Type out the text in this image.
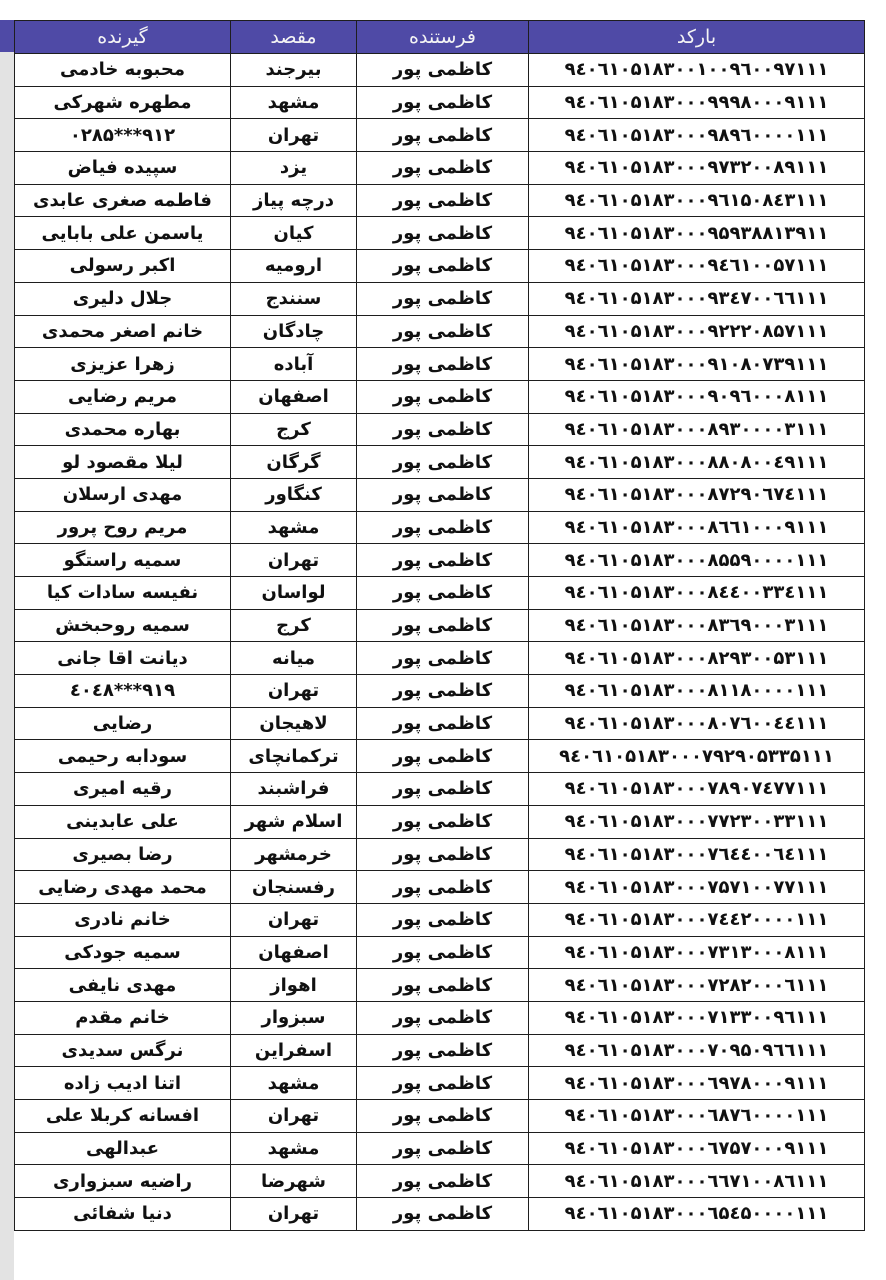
بارکد	فرستنده	مقصد	گیرنده
۹٤۰٦۱۰۵۱۸۳۰۰۱۰۰۹٦۰۰۹۷۱۱۱	کاظمی پور	بیرجند	محبوبه خادمی
۹٤۰٦۱۰۵۱۸۳۰۰۰۹۹۹۸۰۰۰۹۱۱۱	کاظمی پور	مشهد	مطهره شهرکی
۹٤۰٦۱۰۵۱۸۳۰۰۰۹۸۹٦۰۰۰۰۱۱۱	کاظمی پور	تهران	۹۱۲***۰۲۸۵
۹٤۰٦۱۰۵۱۸۳۰۰۰۹۷۳۲۰۰۸۹۱۱۱	کاظمی پور	یزد	سپیده فیاض
۹٤۰٦۱۰۵۱۸۳۰۰۰۹٦۱۵۰۸٤۳۱۱۱	کاظمی پور	درچه پیاز	فاطمه صغری عابدی
۹٤۰٦۱۰۵۱۸۳۰۰۰۹۵۹۳۸۸۱۳۹۱۱	کاظمی پور	کیان	یاسمن علی بابایی
۹٤۰٦۱۰۵۱۸۳۰۰۰۹٤٦۱۰۰۵۷۱۱۱	کاظمی پور	ارومیه	اکبر رسولی
۹٤۰٦۱۰۵۱۸۳۰۰۰۹۳٤۷۰۰٦٦۱۱۱	کاظمی پور	سنندج	جلال دلیری
۹٤۰٦۱۰۵۱۸۳۰۰۰۹۲۲۲۰۸۵۷۱۱۱	کاظمی پور	چادگان	خانم اصغر محمدی
۹٤۰٦۱۰۵۱۸۳۰۰۰۹۱۰۸۰۷۳۹۱۱۱	کاظمی پور	آباده	زهرا عزیزی
۹٤۰٦۱۰۵۱۸۳۰۰۰۹۰۹٦۰۰۰۸۱۱۱	کاظمی پور	اصفهان	مریم رضایی
۹٤۰٦۱۰۵۱۸۳۰۰۰۸۹۳۰۰۰۰۳۱۱۱	کاظمی پور	کرج	بهاره محمدی
۹٤۰٦۱۰۵۱۸۳۰۰۰۸۸۰۸۰۰٤۹۱۱۱	کاظمی پور	گرگان	لیلا مقصود لو
۹٤۰٦۱۰۵۱۸۳۰۰۰۸۷۲۹۰٦۷٤۱۱۱	کاظمی پور	کنگاور	مهدی ارسلان
۹٤۰٦۱۰۵۱۸۳۰۰۰۸٦٦۱۰۰۰۹۱۱۱	کاظمی پور	مشهد	مریم روح پرور
۹٤۰٦۱۰۵۱۸۳۰۰۰۸۵۵۹۰۰۰۰۱۱۱	کاظمی پور	تهران	سمیه راستگو
۹٤۰٦۱۰۵۱۸۳۰۰۰۸٤٤۰۰۳۳٤۱۱۱	کاظمی پور	لواسان	نفیسه سادات کیا
۹٤۰٦۱۰۵۱۸۳۰۰۰۸۳٦۹۰۰۰۳۱۱۱	کاظمی پور	کرج	سمیه روحبخش
۹٤۰٦۱۰۵۱۸۳۰۰۰۸۲۹۳۰۰۵۳۱۱۱	کاظمی پور	میانه	دیانت اقا جانی
۹٤۰٦۱۰۵۱۸۳۰۰۰۸۱۱۸۰۰۰۰۱۱۱	کاظمی پور	تهران	۹۱۹***٤۰٤۸
۹٤۰٦۱۰۵۱۸۳۰۰۰۸۰۷٦۰۰٤٤۱۱۱	کاظمی پور	لاهیجان	رضایی
۹٤۰٦۱۰۵۱۸۳۰۰۰۷۹۲۹۰۵۳۳۵۱۱۱	کاظمی پور	ترکمانچای	سودابه رحیمی
۹٤۰٦۱۰۵۱۸۳۰۰۰۷۸۹۰۷٤۷۷۱۱۱	کاظمی پور	فراشبند	رقیه امیری
۹٤۰٦۱۰۵۱۸۳۰۰۰۷۷۲۳۰۰۳۳۱۱۱	کاظمی پور	اسلام شهر	علی عابدینی
۹٤۰٦۱۰۵۱۸۳۰۰۰۷٦٤٤۰۰٦٤۱۱۱	کاظمی پور	خرمشهر	رضا بصیری
۹٤۰٦۱۰۵۱۸۳۰۰۰۷۵۷۱۰۰۷۷۱۱۱	کاظمی پور	رفسنجان	محمد مهدی رضایی
۹٤۰٦۱۰۵۱۸۳۰۰۰۷٤٤۲۰۰۰۰۱۱۱	کاظمی پور	تهران	خانم نادری
۹٤۰٦۱۰۵۱۸۳۰۰۰۷۳۱۳۰۰۰۸۱۱۱	کاظمی پور	اصفهان	سمیه جودکی
۹٤۰٦۱۰۵۱۸۳۰۰۰۷۲۸۲۰۰۰٦۱۱۱	کاظمی پور	اهواز	مهدی نایفی
۹٤۰٦۱۰۵۱۸۳۰۰۰۷۱۳۳۰۰۹٦۱۱۱	کاظمی پور	سبزوار	خانم مقدم
۹٤۰٦۱۰۵۱۸۳۰۰۰۷۰۹۵۰۹٦٦۱۱۱	کاظمی پور	اسفراین	نرگس سدیدی
۹٤۰٦۱۰۵۱۸۳۰۰۰٦۹۷۸۰۰۰۹۱۱۱	کاظمی پور	مشهد	اتنا ادیب زاده
۹٤۰٦۱۰۵۱۸۳۰۰۰٦۸۷٦۰۰۰۰۱۱۱	کاظمی پور	تهران	افسانه کربلا علی
۹٤۰٦۱۰۵۱۸۳۰۰۰٦۷۵۷۰۰۰۹۱۱۱	کاظمی پور	مشهد	عبدالهی
۹٤۰٦۱۰۵۱۸۳۰۰۰٦٦۷۱۰۰۸٦۱۱۱	کاظمی پور	شهرضا	راضیه سبزواری
۹٤۰٦۱۰۵۱۸۳۰۰۰٦۵٤۵۰۰۰۰۱۱۱	کاظمی پور	تهران	دنیا شفائی
